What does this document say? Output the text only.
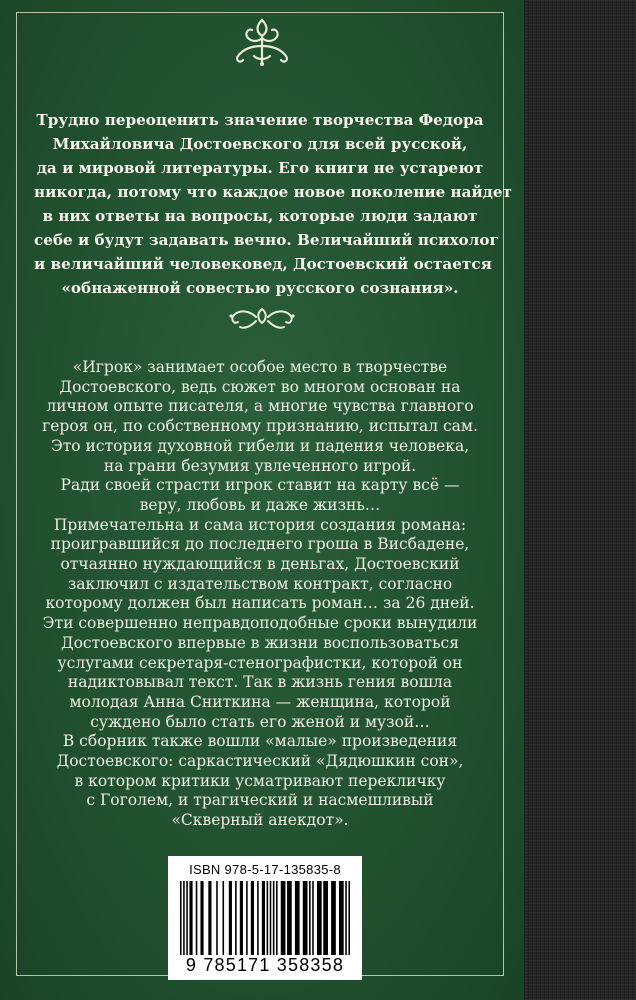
Трудно переоценить значение творчества Федора
Михайловича Достоевского для всей русской,
да и мировой литературы. Его книги не устареют
никогда, потому что каждое новое поколение найдет
в них ответы на вопросы, которые люди задают
себе и будут задавать вечно. Величайший психолог
и величайший человековед, Достоевский остается
«обнаженной совестью русского сознания».
«Игрок» занимает особое место в творчестве
Достоевского, ведь сюжет во многом основан на
личном опыте писателя, а многие чувства главного
героя он, по собственному признанию, испытал сам.
Это история духовной гибели и падения человека,
на грани безумия увлеченного игрой.
Ради своей страсти игрок ставит на карту всё —
веру, любовь и даже жизнь…
Примечательна и сама история создания романа:
проигравшийся до последнего гроша в Висбадене,
отчаянно нуждающийся в деньгах, Достоевский
заключил с издательством контракт, согласно
которому должен был написать роман… за 26 дней.
Эти совершенно неправдоподобные сроки вынудили
Достоевского впервые в жизни воспользоваться
услугами секретаря-стенографистки, которой он
надиктовывал текст. Так в жизнь гения вошла
молодая Анна Сниткина — женщина, которой
суждено было стать его женой и музой…
В сборник также вошли «малые» произведения
Достоевского: саркастический «Дядюшкин сон»,
в котором критики усматривают перекличку
с Гоголем, и трагический и насмешливый
«Скверный анекдот».
ISBN 978-5-17-135835-8
9 785171 358358
